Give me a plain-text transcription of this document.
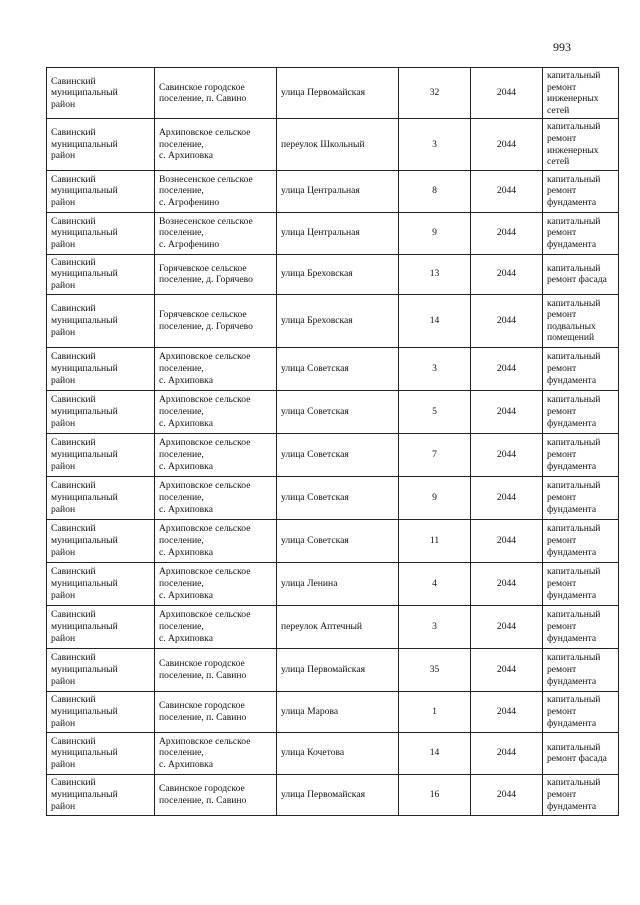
993
Савинский
муниципальный
район	Савинское городское
поселение, п. Савино	улица Первомайская	32	2044	капитальный
ремонт
инженерных
сетей
Савинский
муниципальный
район	Архиповское сельское
поселение,
с. Архиповка	переулок Школьный	3	2044	капитальный
ремонт
инженерных
сетей
Савинский
муниципальный
район	Вознесенское сельское
поселение,
с. Агрофенино	улица Центральная	8	2044	капитальный
ремонт
фундамента
Савинский
муниципальный
район	Вознесенское сельское
поселение,
с. Агрофенино	улица Центральная	9	2044	капитальный
ремонт
фундамента
Савинский
муниципальный
район	Горячевское сельское
поселение, д. Горячево	улица Бреховская	13	2044	капитальный
ремонт фасада
Савинский
муниципальный
район	Горячевское сельское
поселение, д. Горячево	улица Бреховская	14	2044	капитальный
ремонт
подвальных
помещений
Савинский
муниципальный
район	Архиповское сельское
поселение,
с. Архиповка	улица Советская	3	2044	капитальный
ремонт
фундамента
Савинский
муниципальный
район	Архиповское сельское
поселение,
с. Архиповка	улица Советская	5	2044	капитальный
ремонт
фундамента
Савинский
муниципальный
район	Архиповское сельское
поселение,
с. Архиповка	улица Советская	7	2044	капитальный
ремонт
фундамента
Савинский
муниципальный
район	Архиповское сельское
поселение,
с. Архиповка	улица Советская	9	2044	капитальный
ремонт
фундамента
Савинский
муниципальный
район	Архиповское сельское
поселение,
с. Архиповка	улица Советская	11	2044	капитальный
ремонт
фундамента
Савинский
муниципальный
район	Архиповское сельское
поселение,
с. Архиповка	улица Ленина	4	2044	капитальный
ремонт
фундамента
Савинский
муниципальный
район	Архиповское сельское
поселение,
с. Архиповка	переулок Аптечный	3	2044	капитальный
ремонт
фундамента
Савинский
муниципальный
район	Савинское городское
поселение, п. Савино	улица Первомайская	35	2044	капитальный
ремонт
фундамента
Савинский
муниципальный
район	Савинское городское
поселение, п. Савино	улица Марова	1	2044	капитальный
ремонт
фундамента
Савинский
муниципальный
район	Архиповское сельское
поселение,
с. Архиповка	улица Кочетова	14	2044	капитальный
ремонт фасада
Савинский
муниципальный
район	Савинское городское
поселение, п. Савино	улица Первомайская	16	2044	капитальный
ремонт
фундамента
